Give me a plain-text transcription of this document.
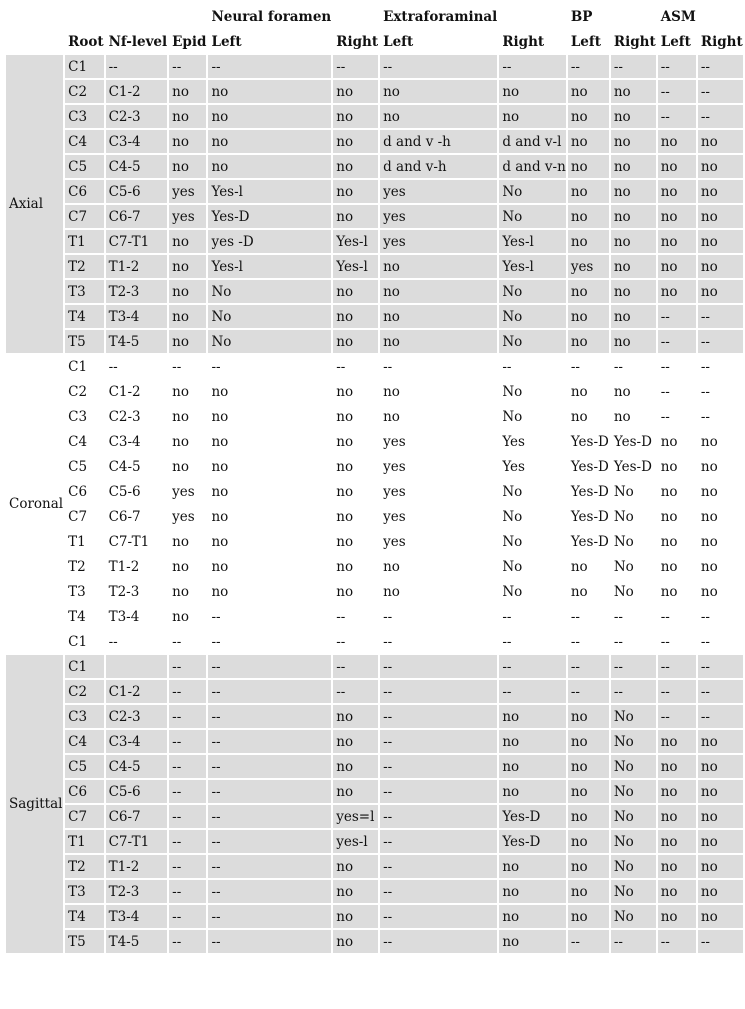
				Neural foramen		Extraforaminal		BP		ASM	
	Root	Nf-level	Epid	Left	Right	Left	Right	Left	Right	Left	Right
Axial	C1	--	--	--	--	--	--	--	--	--	--
	C2	C1-2	no	no	no	no	no	no	no	--	--
	C3	C2-3	no	no	no	no	no	no	no	--	--
	C4	C3-4	no	no	no	d and v -h	d and v-l	no	no	no	no
	C5	C4-5	no	no	no	d and v-h	d and v-n	no	no	no	no
	C6	C5-6	yes	Yes-l	no	yes	No	no	no	no	no
	C7	C6-7	yes	Yes-D	no	yes	No	no	no	no	no
	T1	C7-T1	no	yes -D	Yes-l	yes	Yes-l	no	no	no	no
	T2	T1-2	no	Yes-l	Yes-l	no	Yes-l	yes	no	no	no
	T3	T2-3	no	No	no	no	No	no	no	no	no
	T4	T3-4	no	No	no	no	No	no	no	--	--
	T5	T4-5	no	No	no	no	No	no	no	--	--
Coronal	C1	--	--	--	--	--	--	--	--	--	--
	C2	C1-2	no	no	no	no	No	no	no	--	--
	C3	C2-3	no	no	no	no	No	no	no	--	--
	C4	C3-4	no	no	no	yes	Yes	Yes-D	Yes-D	no	no
	C5	C4-5	no	no	no	yes	Yes	Yes-D	Yes-D	no	no
	C6	C5-6	yes	no	no	yes	No	Yes-D	No	no	no
	C7	C6-7	yes	no	no	yes	No	Yes-D	No	no	no
	T1	C7-T1	no	no	no	yes	No	Yes-D	No	no	no
	T2	T1-2	no	no	no	no	No	no	No	no	no
	T3	T2-3	no	no	no	no	No	no	No	no	no
	T4	T3-4	no	--	--	--	--	--	--	--	--
	C1	--	--	--	--	--	--	--	--	--	--
Sagittal	C1		--	--	--	--	--	--	--	--	--
	C2	C1-2	--	--	--	--	--	--	--	--	--
	C3	C2-3	--	--	no	--	no	no	No	--	--
	C4	C3-4	--	--	no	--	no	no	No	no	no
	C5	C4-5	--	--	no	--	no	no	No	no	no
	C6	C5-6	--	--	no	--	no	no	No	no	no
	C7	C6-7	--	--	yes=l	--	Yes-D	no	No	no	no
	T1	C7-T1	--	--	yes-l	--	Yes-D	no	No	no	no
	T2	T1-2	--	--	no	--	no	no	No	no	no
	T3	T2-3	--	--	no	--	no	no	No	no	no
	T4	T3-4	--	--	no	--	no	no	No	no	no
	T5	T4-5	--	--	no	--	no	--	--	--	--
